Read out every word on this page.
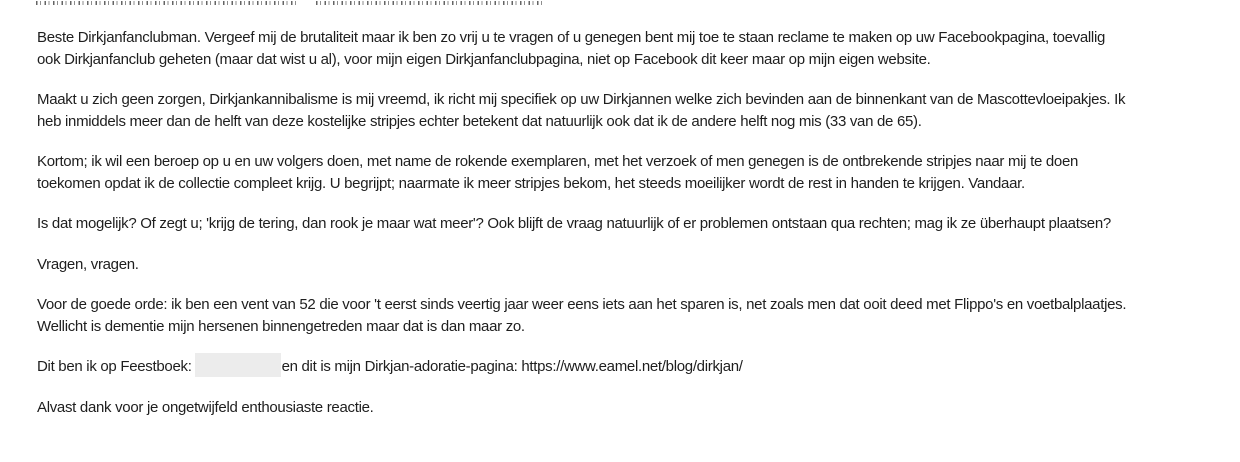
Beste Dirkjanfanclubman. Vergeef mij de brutaliteit maar ik ben zo vrij u te vragen of u genegen bent mij toe te staan reclame te maken op uw Facebookpagina, toevallig
ook Dirkjanfanclub geheten (maar dat wist u al), voor mijn eigen Dirkjanfanclubpagina, niet op Facebook dit keer maar op mijn eigen website.
Maakt u zich geen zorgen, Dirkjankannibalisme is mij vreemd, ik richt mij specifiek op uw Dirkjannen welke zich bevinden aan de binnenkant van de Mascottevloeipakjes. Ik
heb inmiddels meer dan de helft van deze kostelijke stripjes echter betekent dat natuurlijk ook dat ik de andere helft nog mis (33 van de 65).
Kortom; ik wil een beroep op u en uw volgers doen, met name de rokende exemplaren, met het verzoek of men genegen is de ontbrekende stripjes naar mij te doen
toekomen opdat ik de collectie compleet krijg. U begrijpt; naarmate ik meer stripjes bekom, het steeds moeilijker wordt de rest in handen te krijgen. Vandaar.
Is dat mogelijk? Of zegt u; 'krijg de tering, dan rook je maar wat meer'? Ook blijft de vraag natuurlijk of er problemen ontstaan qua rechten; mag ik ze überhaupt plaatsen?
Vragen, vragen.
Voor de goede orde: ik ben een vent van 52 die voor 't eerst sinds veertig jaar weer eens iets aan het sparen is, net zoals men dat ooit deed met Flippo's en voetbalplaatjes.
Wellicht is dementie mijn hersenen binnengetreden maar dat is dan maar zo.
Dit ben ik op Feestboek:	en dit is mijn Dirkjan-adoratie-pagina: https://www.eamel.net/blog/dirkjan/
Alvast dank voor je ongetwijfeld enthousiaste reactie.
